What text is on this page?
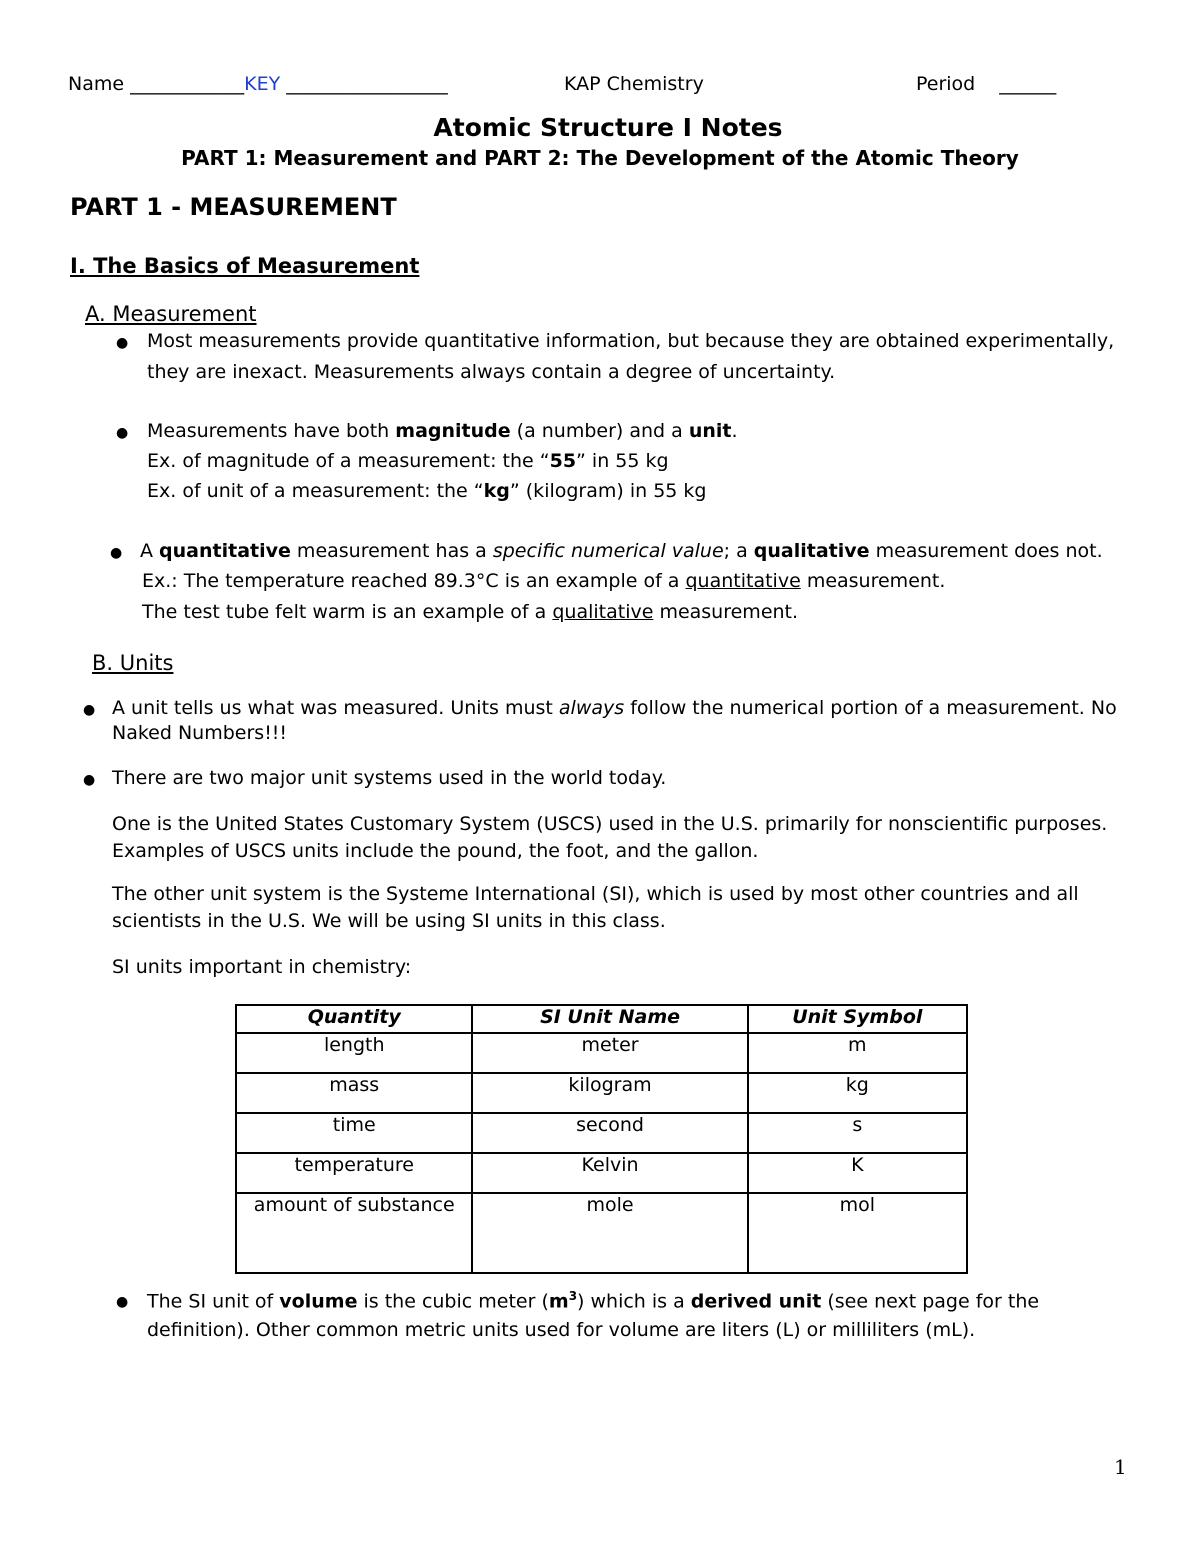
Name ____________KEY _________________	KAP Chemistry	Period ______
Atomic Structure I Notes
PART 1: Measurement and PART 2: The Development of the Atomic Theory
PART 1 - MEASUREMENT
I. The Basics of Measurement
A. Measurement
● Most measurements provide quantitative information, but because they are obtained experimentally,
they are inexact. Measurements always contain a degree of uncertainty.
● Measurements have both magnitude (a number) and a unit.
Ex. of magnitude of a measurement: the “55” in 55 kg
Ex. of unit of a measurement: the “kg” (kilogram) in 55 kg
● A quantitative measurement has a specific numerical value; a qualitative measurement does not.
Ex.: The temperature reached 89.3°C is an example of a quantitative measurement.
The test tube felt warm is an example of a qualitative measurement.
B. Units
● A unit tells us what was measured. Units must always follow the numerical portion of a measurement. No
Naked Numbers!!!
● There are two major unit systems used in the world today.
One is the United States Customary System (USCS) used in the U.S. primarily for nonscientific purposes.
Examples of USCS units include the pound, the foot, and the gallon.
The other unit system is the Systeme International (SI), which is used by most other countries and all
scientists in the U.S. We will be using SI units in this class.
SI units important in chemistry:
Quantity	SI Unit Name	Unit Symbol
length	meter	m
mass	kilogram	kg
time	second	s
temperature	Kelvin	K
amount of substance	mole	mol
● The SI unit of volume is the cubic meter $(m^3)$ which is a derived unit (see next page for the
definition). Other common metric units used for volume are liters (L) or milliliters (mL).
1
